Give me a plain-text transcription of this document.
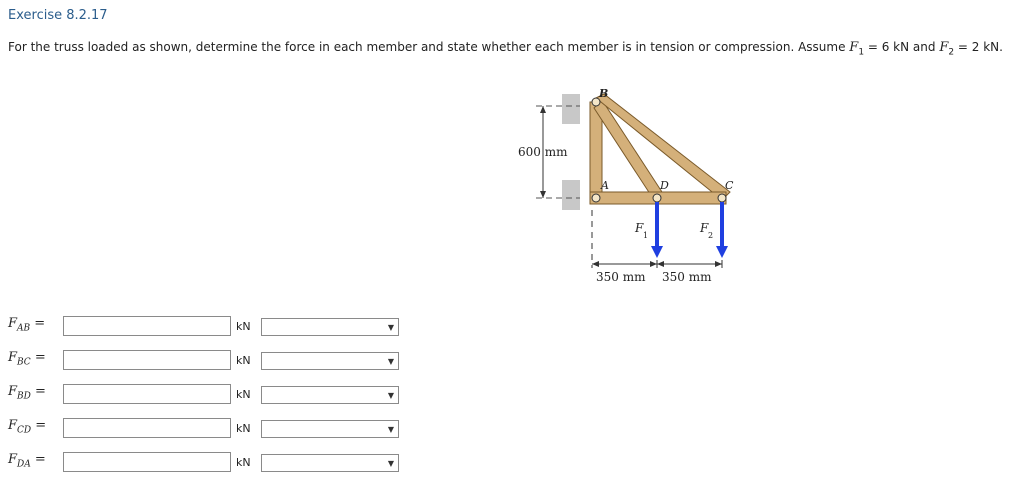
Exercise 8.2.17
For the truss loaded as shown, determine the force in each member and state whether each member is in tension or compression. Assume $F_1 = 6$ kN and $F_2 = 2$ kN.
600 mm
B
A	D	C
F
1
F
2
350 mm 350 mm
$F_{AB}$ =	kN	▼
$F_{BC}$ =	kN	▼
$F_{BD}$ =	kN	▼
$F_{CD}$ =	kN	▼
$F_{DA}$ =	kN	▼
